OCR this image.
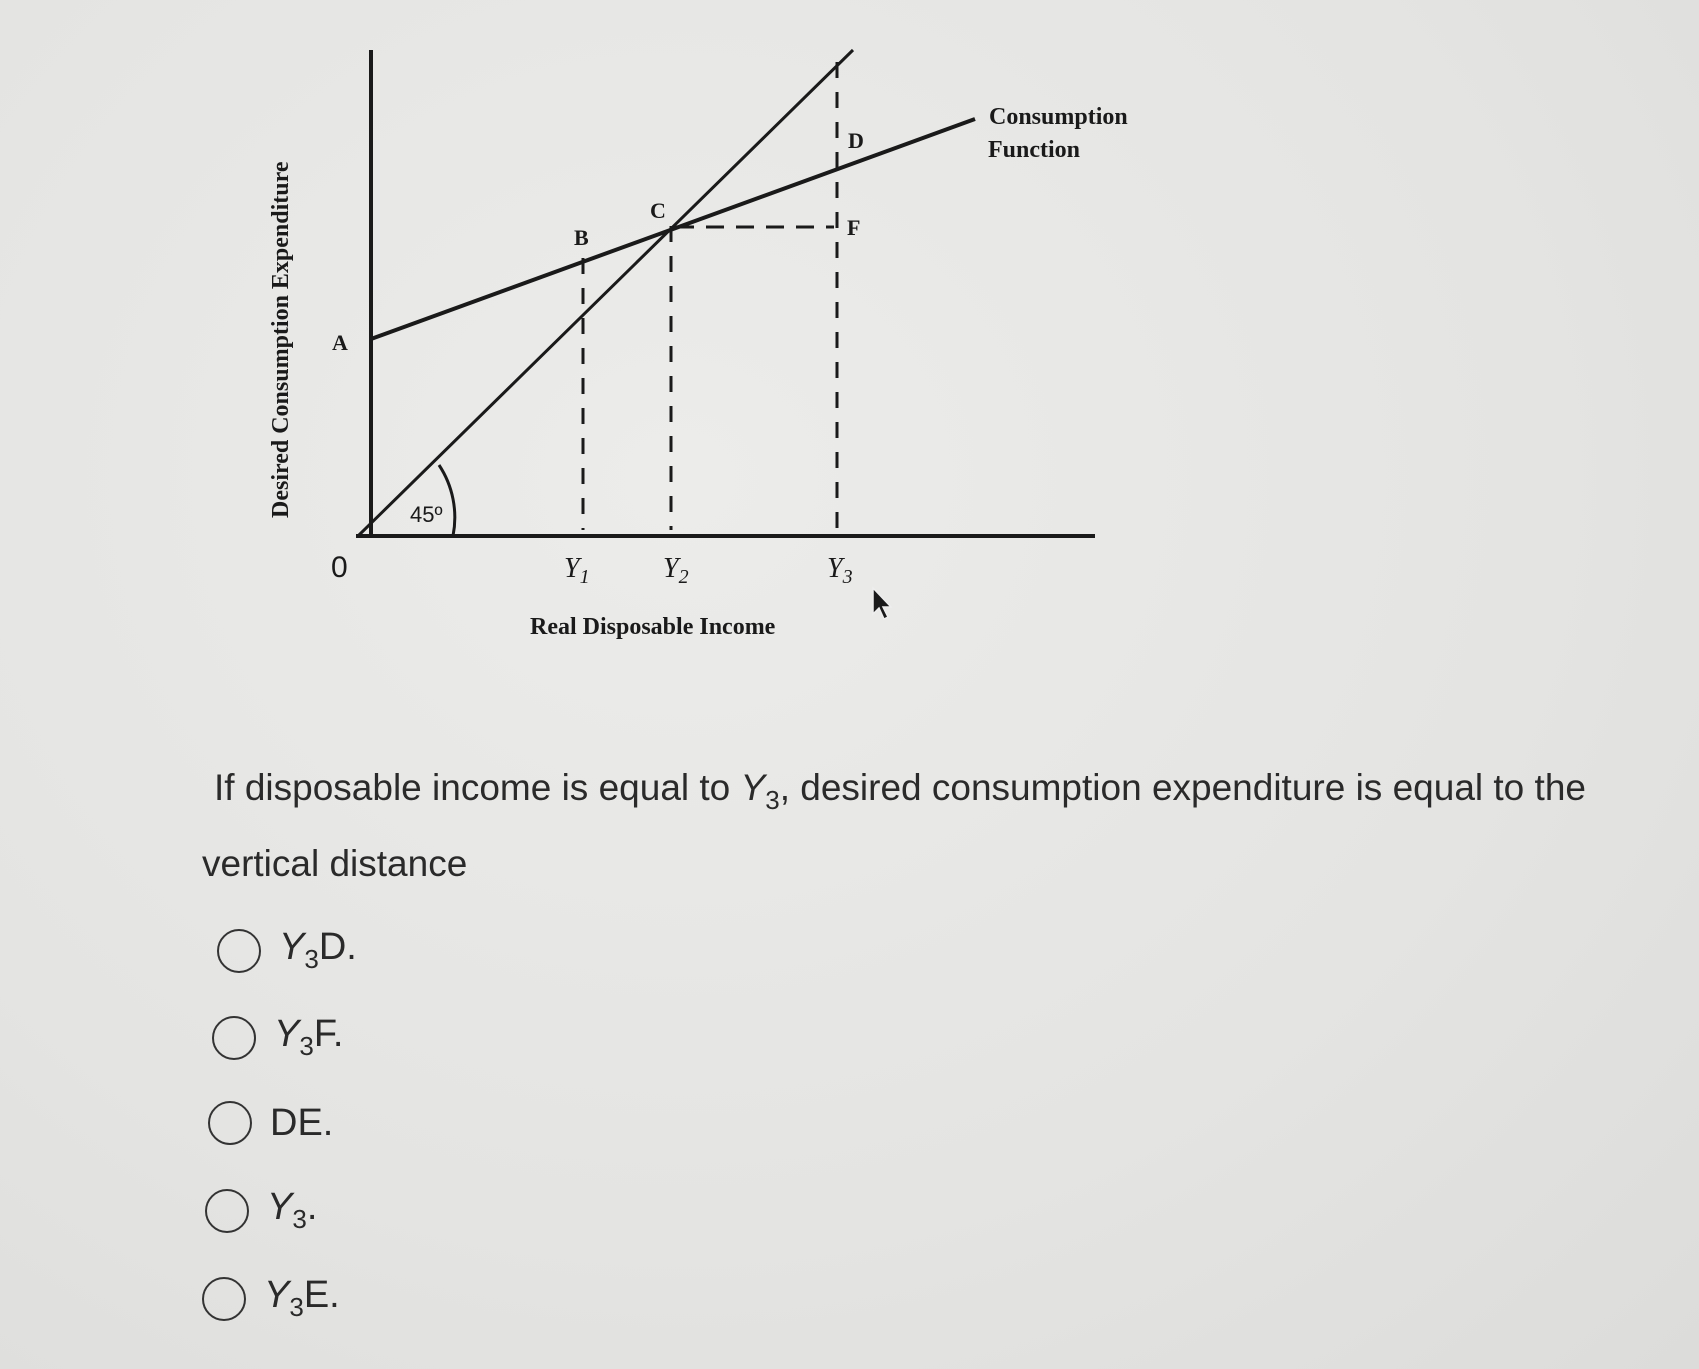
Desired Consumption Expenditure
Real Disposable Income
0
45º
A
B
C
D
F
Consumption
Function
$Y_1$	$Y_2$	$Y_3$
If disposable income is equal to $Y_3$, desired consumption expenditure is equal to the
vertical distance
$Y_3D$.
$Y_3F$.
DE.
$Y_3$.
$Y_3E$.
